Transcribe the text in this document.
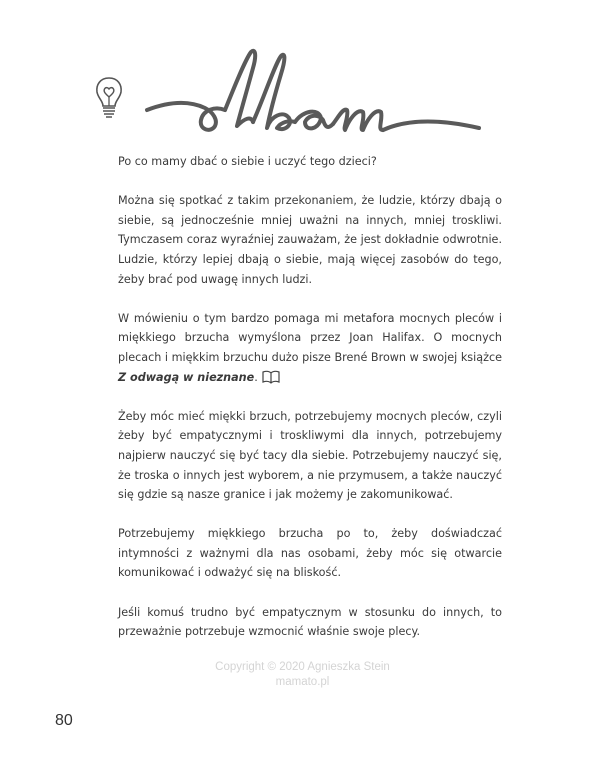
dbam

Po co mamy dbać o siebie i uczyć tego dzieci?

Można się spotkać z takim przekonaniem, że ludzie, którzy dbają o siebie, są jednocześnie mniej uważni na innych, mniej troskliwi. Tymczasem coraz wyraźniej zauważam, że jest dokładnie odwrotnie. Ludzie, którzy lepiej dbają o siebie, mają więcej zasobów do tego, żeby brać pod uwagę innych ludzi.

W mówieniu o tym bardzo pomaga mi metafora mocnych pleców i miękkiego brzucha wymyślona przez Joan Halifax. O mocnych plecach i miękkim brzuchu dużo pisze Brené Brown w swojej książce Z odwagą w nieznane.

Żeby móc mieć miękki brzuch, potrzebujemy mocnych pleców, czyli żeby być empatycznymi i troskliwymi dla innych, potrzebujemy najpierw nauczyć się być tacy dla siebie. Potrzebujemy nauczyć się, że troska o innych jest wyborem, a nie przymusem, a także nauczyć się gdzie są nasze granice i jak możemy je zakomunikować.

Potrzebujemy miękkiego brzucha po to, żeby doświadczać intymności z ważnymi dla nas osobami, żeby móc się otwarcie komunikować i odważyć się na bliskość.

Jeśli komuś trudno być empatycznym w stosunku do innych, to przeważnie potrzebuje wzmocnić właśnie swoje plecy.

Copyright © 2020 Agnieszka Stein
mamato.pl
80
